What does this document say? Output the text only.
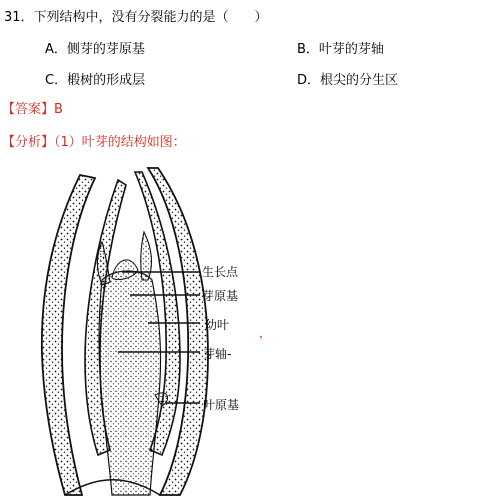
31．下列结构中，没有分裂能力的是（　　）
A．侧芽的芽原基	B．叶芽的芽轴
C．椴树的形成层	D．根尖的分生区
【答案】B
【分析】（1）叶芽的结构如图：
生长点
芽原基
幼叶
芽轴-
叶原基
，
